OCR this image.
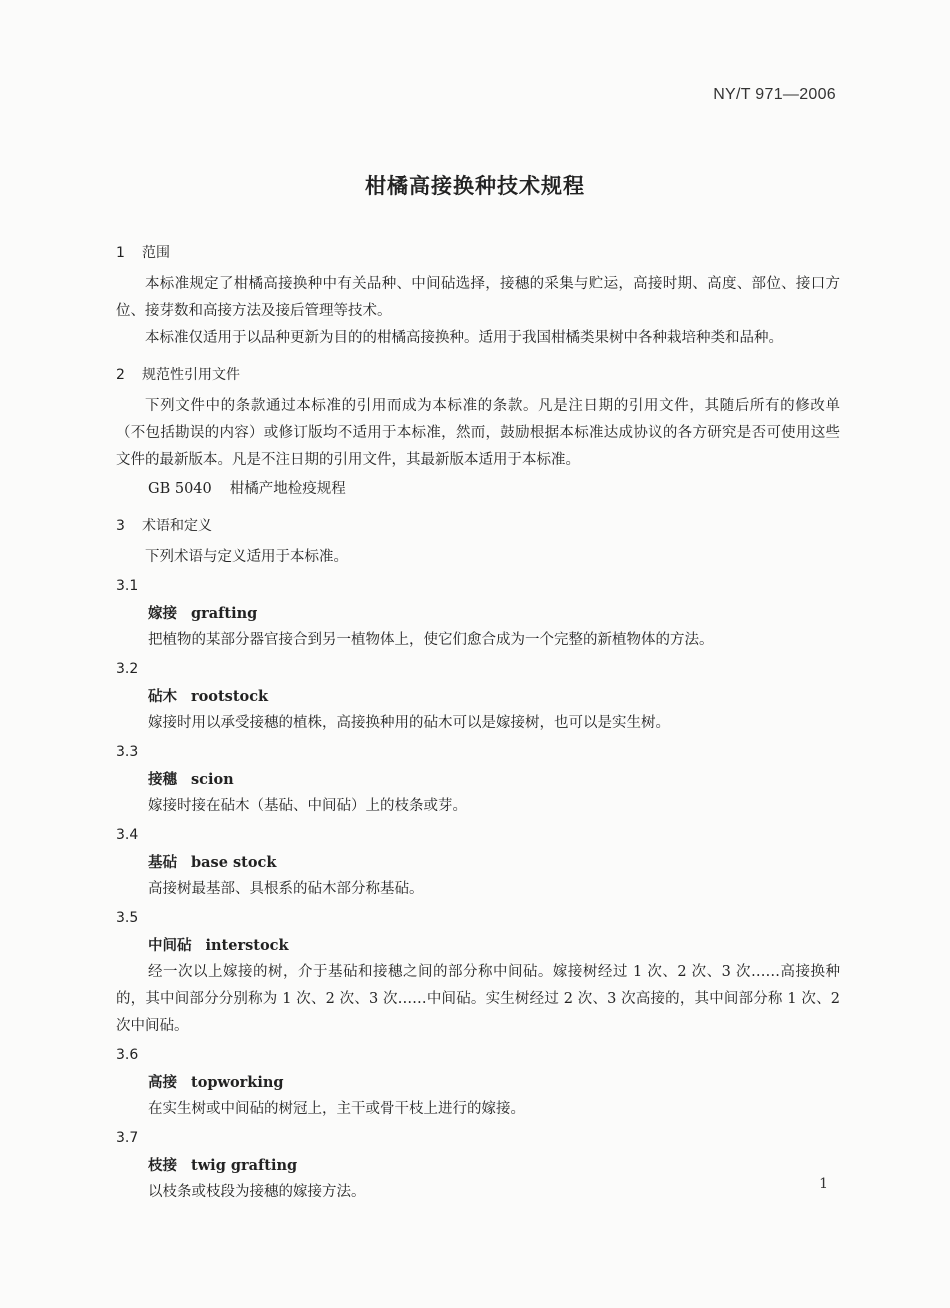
NY/T 971—2006
柑橘高接换种技术规程
1 范围

本标准规定了柑橘高接换种中有关品种、中间砧选择，接穗的采集与贮运，高接时期、高度、部位、接口方位、接芽数和高接方法及接后管理等技术。

本标准仅适用于以品种更新为目的的柑橘高接换种。适用于我国柑橘类果树中各种栽培种类和品种。

2 规范性引用文件

下列文件中的条款通过本标准的引用而成为本标准的条款。凡是注日期的引用文件，其随后所有的修改单（不包括勘误的内容）或修订版均不适用于本标准，然而，鼓励根据本标准达成协议的各方研究是否可使用这些文件的最新版本。凡是不注日期的引用文件，其最新版本适用于本标准。

GB 5040 柑橘产地检疫规程

3 术语和定义

下列术语与定义适用于本标准。

3.1
嫁接 grafting
把植物的某部分器官接合到另一植物体上，使它们愈合成为一个完整的新植物体的方法。
3.2
砧木 rootstock
嫁接时用以承受接穗的植株，高接换种用的砧木可以是嫁接树，也可以是实生树。
3.3
接穗 scion
嫁接时接在砧木（基砧、中间砧）上的枝条或芽。
3.4
基砧 base stock
高接树最基部、具根系的砧木部分称基砧。
3.5
中间砧 interstock
经一次以上嫁接的树，介于基砧和接穗之间的部分称中间砧。嫁接树经过 1 次、2 次、3 次……高接换种的，其中间部分分别称为 1 次、2 次、3 次……中间砧。实生树经过 2 次、3 次高接的，其中间部分称 1 次、2 次中间砧。
3.6
高接 topworking
在实生树或中间砧的树冠上，主干或骨干枝上进行的嫁接。
3.7
枝接 twig grafting
以枝条或枝段为接穗的嫁接方法。	1
